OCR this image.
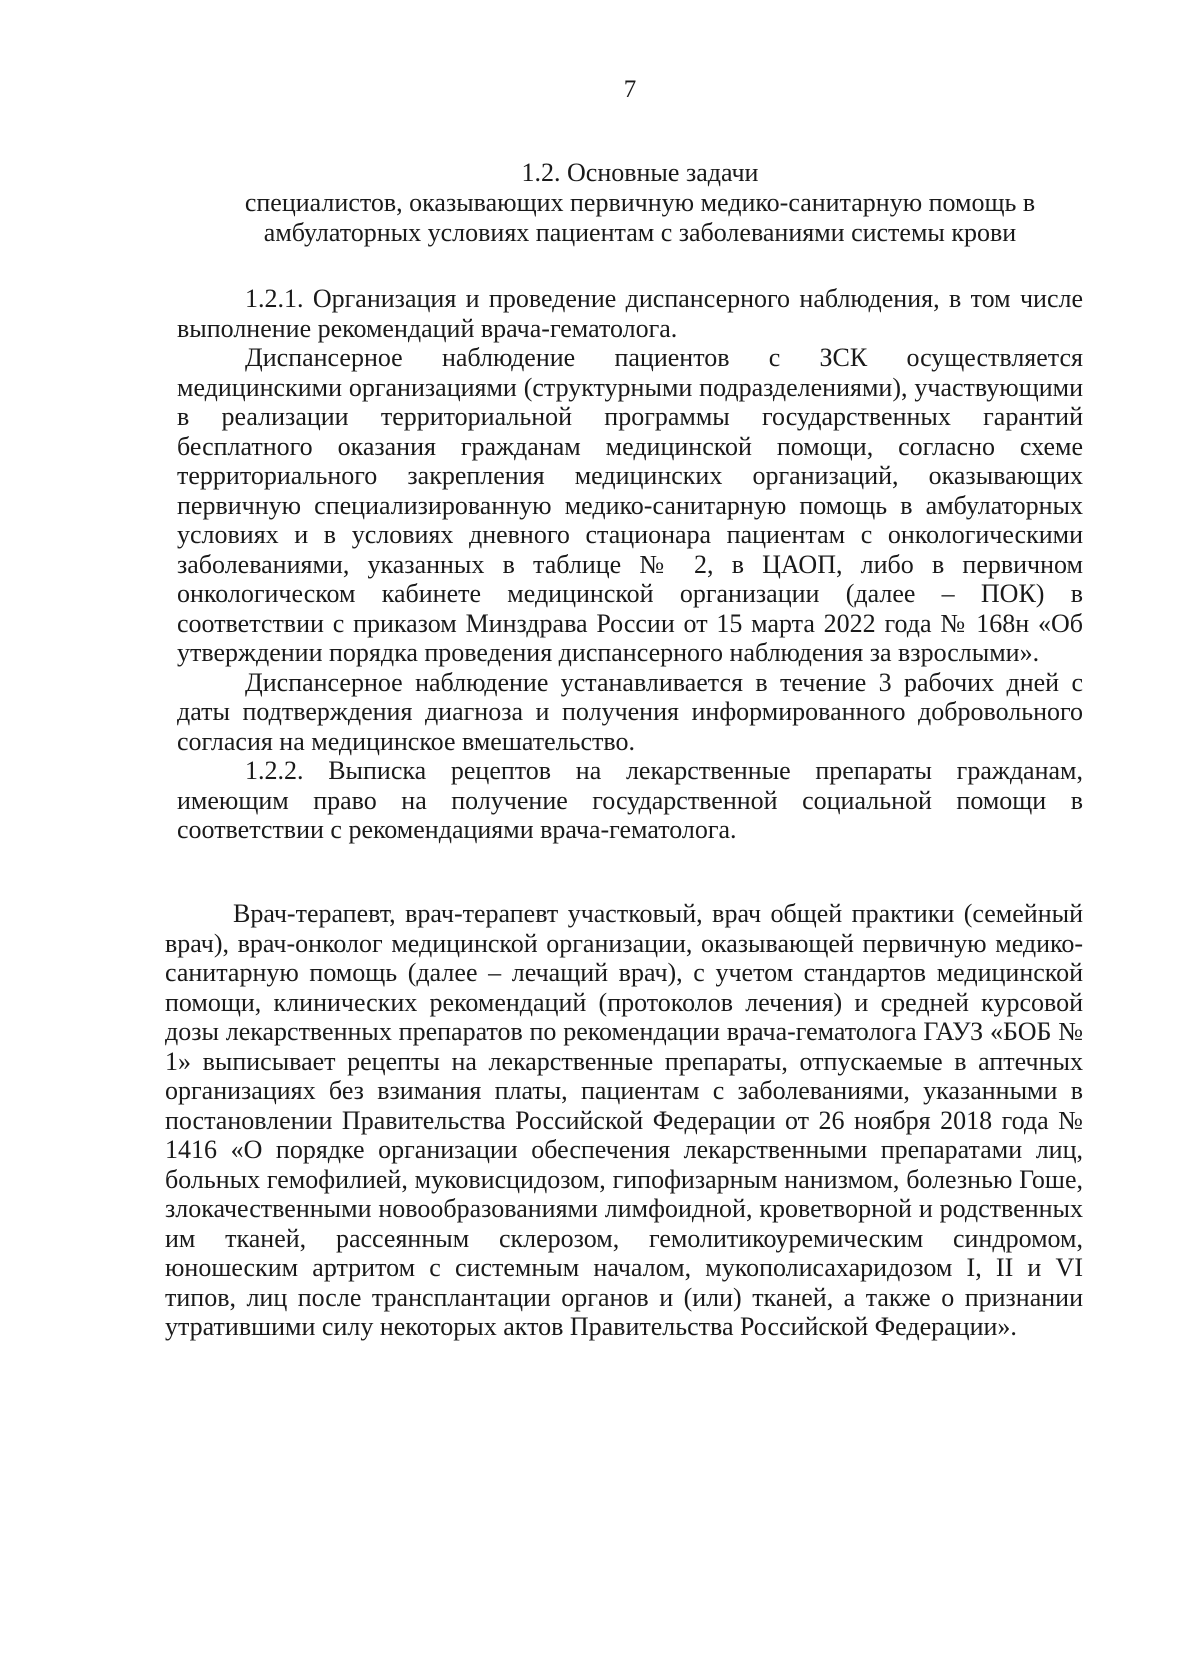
7
1.2. Основные задачи
специалистов, оказывающих первичную медико-санитарную помощь в
амбулаторных условиях пациентам с заболеваниями системы крови

1.2.1. Организация и проведение диспансерного наблюдения, в том числе выполнение рекомендаций врача-гематолога.

Диспансерное наблюдение пациентов с ЗСК осуществляется медицинскими организациями (структурными подразделениями), участвующими в реализации территориальной программы государственных гарантий бесплатного оказания гражданам медицинской помощи, согласно схеме территориального закрепления медицинских организаций, оказывающих первичную специализированную медико-санитарную помощь в амбулаторных условиях и в условиях дневного стационара пациентам с онкологическими заболеваниями, указанных в таблице № 2, в ЦАОП, либо в первичном онкологическом кабинете медицинской организации (далее – ПОК) в соответствии с приказом Минздрава России от 15 марта 2022 года № 168н «Об утверждении порядка проведения диспансерного наблюдения за взрослыми».

Диспансерное наблюдение устанавливается в течение 3 рабочих дней с даты подтверждения диагноза и получения информированного добровольного согласия на медицинское вмешательство.

1.2.2. Выписка рецептов на лекарственные препараты гражданам, имеющим право на получение государственной социальной помощи в соответствии с рекомендациями врача-гематолога.

Врач-терапевт, врач-терапевт участковый, врач общей практики (семейный врач), врач-онколог медицинской организации, оказывающей первичную медико-санитарную помощь (далее – лечащий врач), с учетом стандартов медицинской помощи, клинических рекомендаций (протоколов лечения) и средней курсовой дозы лекарственных препаратов по рекомендации врача-гематолога ГАУЗ «БОБ № 1» выписывает рецепты на лекарственные препараты, отпускаемые в аптечных организациях без взимания платы, пациентам с заболеваниями, указанными в постановлении Правительства Российской Федерации от 26 ноября 2018 года № 1416 «О порядке организации обеспечения лекарственными препаратами лиц, больных гемофилией, муковисцидозом, гипофизарным нанизмом, болезнью Гоше, злокачественными новообразованиями лимфоидной, кроветворной и родственных им тканей, рассеянным склерозом, гемолитикоуремическим синдромом, юношеским артритом с системным началом, мукополисахаридозом I, II и VI типов, лиц после трансплантации органов и (или) тканей, а также о признании утратившими силу некоторых актов Правительства Российской Федерации».
